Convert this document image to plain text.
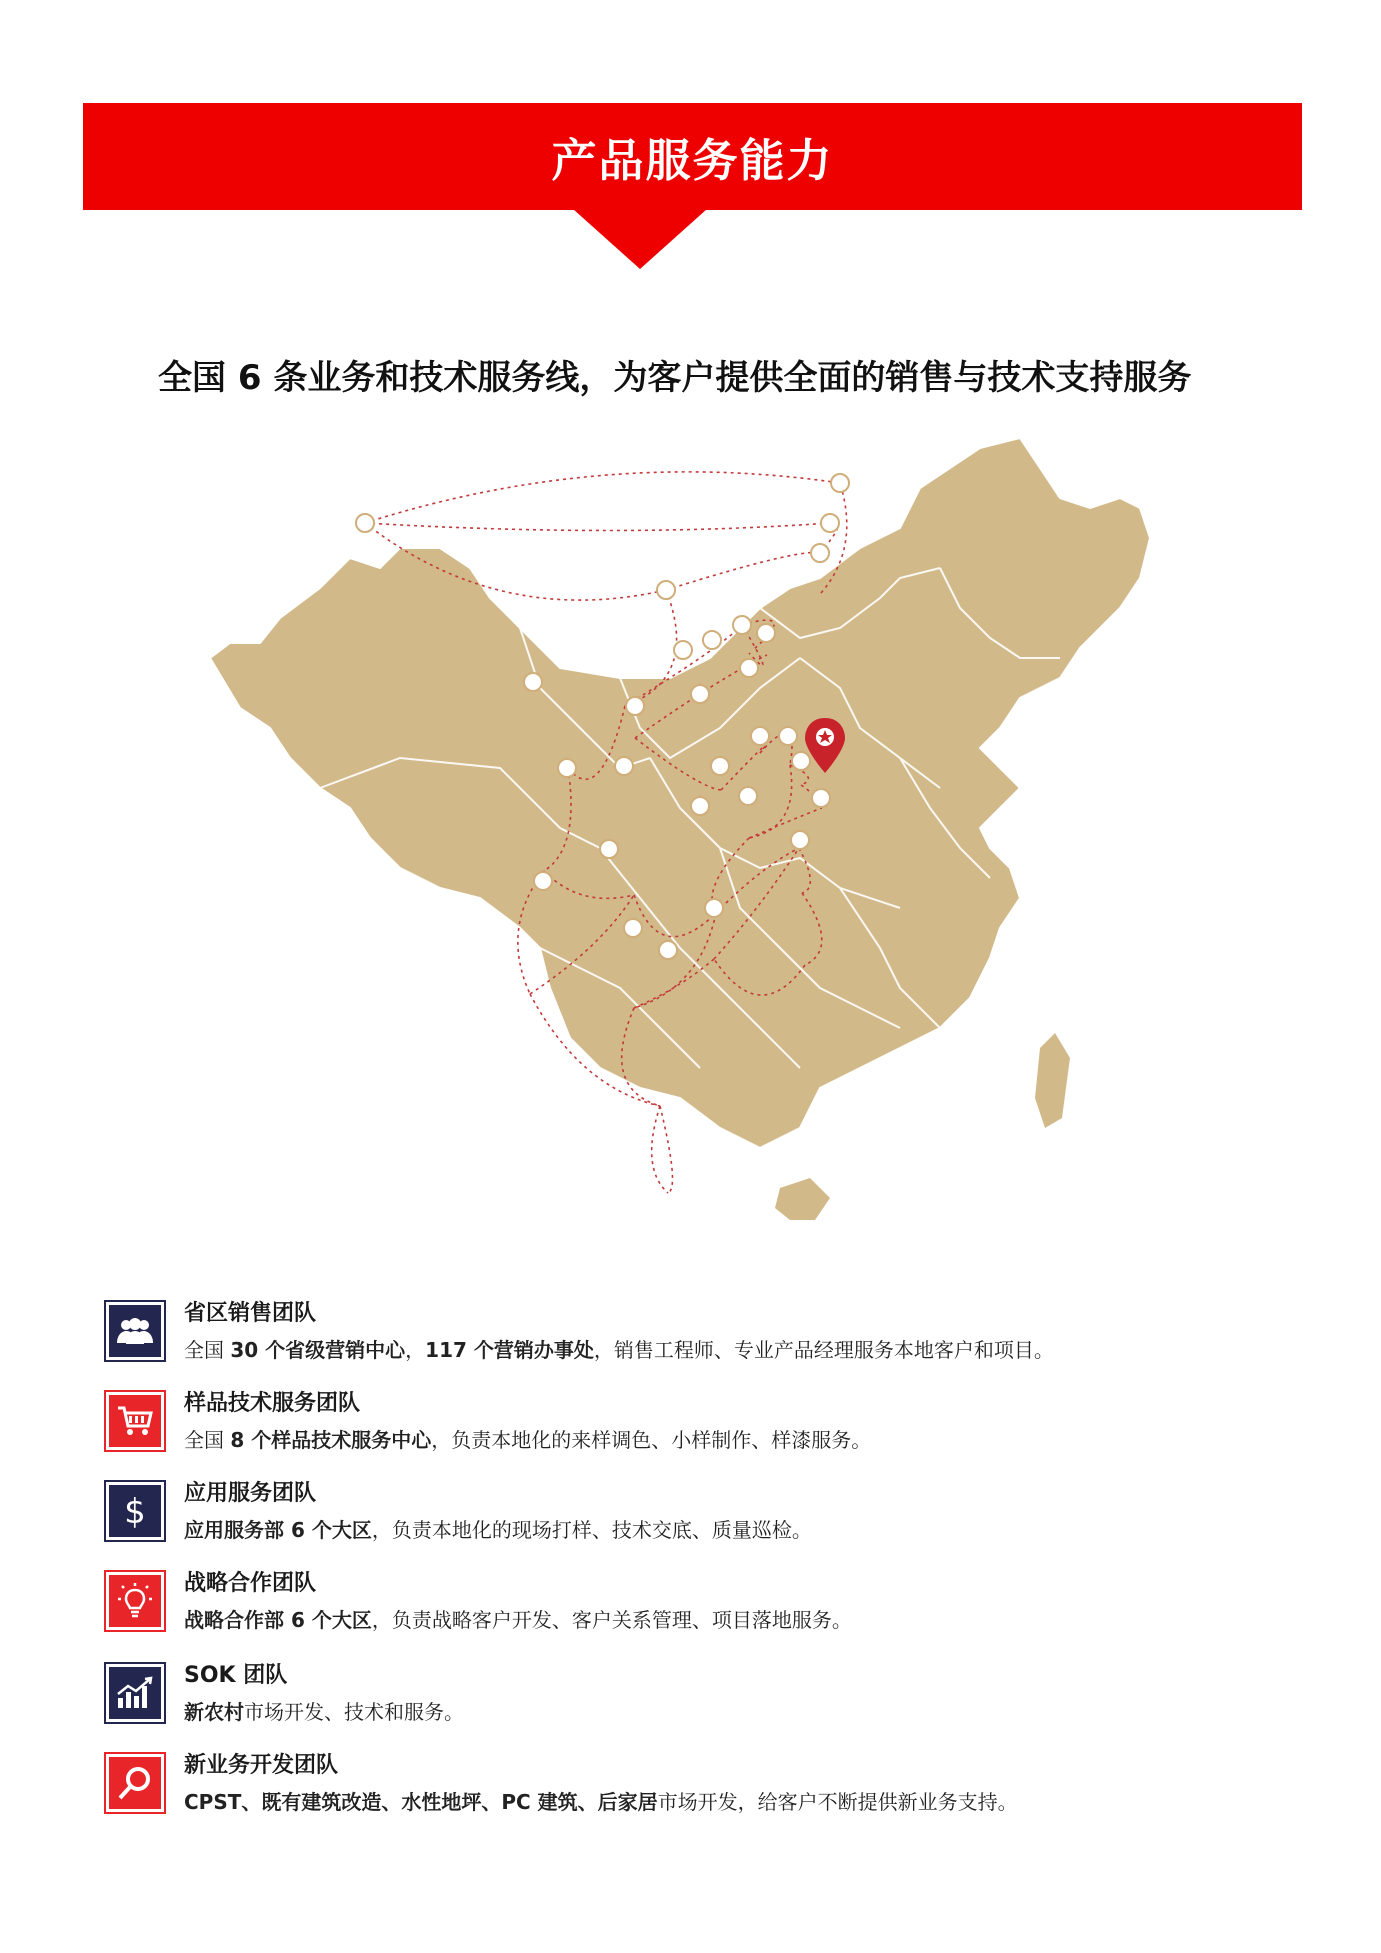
产品服务能力
全国 6 条业务和技术服务线，为客户提供全面的销售与技术支持服务
省区销售团队
全国 30 个省级营销中心，117 个营销办事处，销售工程师、专业产品经理服务本地客户和项目。
样品技术服务团队
全国 8 个样品技术服务中心，负责本地化的来样调色、小样制作、样漆服务。
$ 应用服务团队
应用服务部 6 个大区，负责本地化的现场打样、技术交底、质量巡检。
战略合作团队
战略合作部 6 个大区，负责战略客户开发、客户关系管理、项目落地服务。
SOK 团队
新农村市场开发、技术和服务。
新业务开发团队
CPST、既有建筑改造、水性地坪、PC 建筑、后家居市场开发，给客户不断提供新业务支持。
